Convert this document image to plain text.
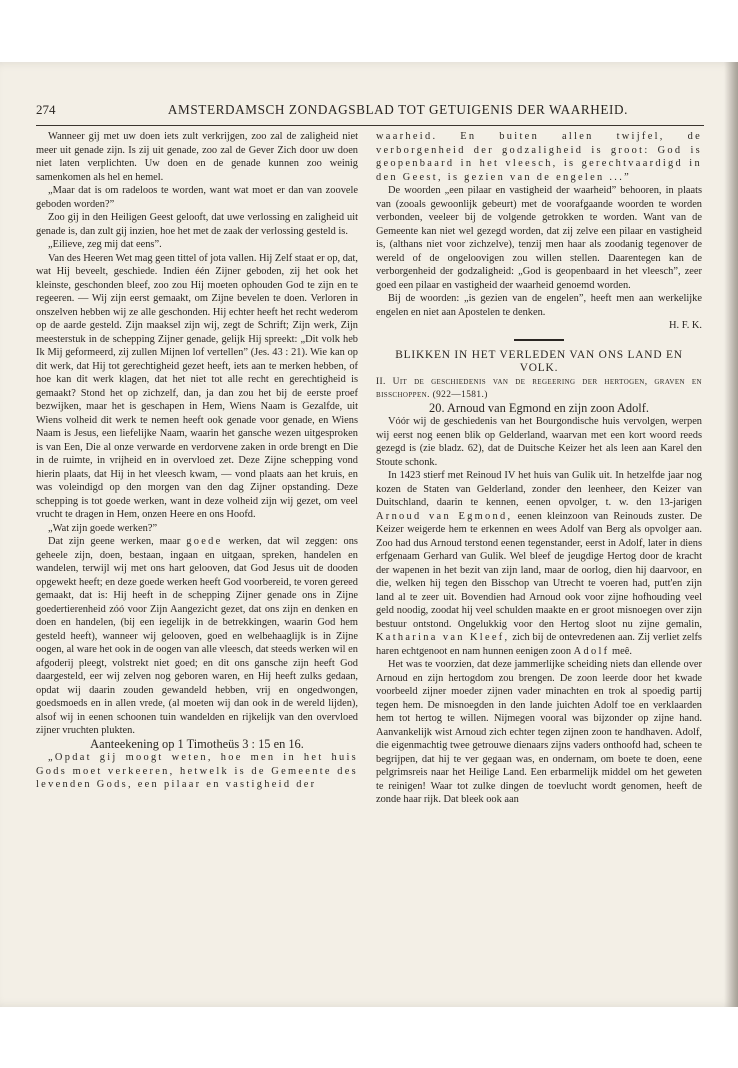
274	AMSTERDAMSCH ZONDAGSBLAD TOT GETUIGENIS DER WAARHEID.

Wanneer gij met uw doen iets zult verkrijgen, zoo zal de zaligheid niet meer uit genade zijn. Is zij uit genade, zoo zal de Gever Zich door uw doen niet laten verplichten. Uw doen en de genade kunnen zoo weinig samenkomen als hel en hemel.

„Maar dat is om radeloos te worden, want wat moet er dan van zoovele geboden worden?”

Zoo gij in den Heiligen Geest gelooft, dat uwe verlossing en zaligheid uit genade is, dan zult gij inzien, hoe het met de zaak der verlossing gesteld is.

„Eilieve, zeg mij dat eens”.

Van des Heeren Wet mag geen tittel of jota vallen. Hij Zelf staat er op, dat, wat Hij beveelt, geschiede. Indien één Zijner geboden, zij het ook het kleinste, geschonden bleef, zoo zou Hij moeten ophouden God te zijn en te regeeren. — Wij zijn eerst gemaakt, om Zijne bevelen te doen. Verloren in onszelven hebben wij ze alle geschonden. Hij echter heeft het recht wederom op de aarde gesteld. Zijn maaksel zijn wij, zegt de Schrift; Zijn werk, Zijn meesterstuk in de schepping Zijner genade, gelijk Hij spreekt: „Dit volk heb Ik Mij geformeerd, zij zullen Mijnen lof vertellen” (Jes. 43 : 21). Wie kan op dit werk, dat Hij tot gerechtigheid gezet heeft, iets aan te merken hebben, of hoe kan dit werk klagen, dat het niet tot alle recht en gerechtigheid is gemaakt? Stond het op zichzelf, dan, ja dan zou het bij de eerste proef bezwijken, maar het is geschapen in Hem, Wiens Naam is Gezalfde, uit Wiens volheid dit werk te nemen heeft ook genade voor genade, en Wiens Naam is Jesus, een liefelijke Naam, waarin het gansche wezen uitgesproken is van Een, Die al onze verwarde en verdorvene zaken in orde brengt en Die in de ruimte, in vrijheid en in overvloed zet. Deze Zijne schepping vond hierin plaats, dat Hij in het vleesch kwam, — vond plaats aan het kruis, en was voleindigd op den morgen van den dag Zijner opstanding. Deze schepping is tot goede werken, want in deze volheid zijn wij gezet, om veel vrucht te dragen in Hem, onzen Heere en ons Hoofd.

„Wat zijn goede werken?”

Dat zijn geene werken, maar goede werken, dat wil zeggen: ons geheele zijn, doen, bestaan, ingaan en uitgaan, spreken, handelen en wandelen, terwijl wij met ons hart gelooven, dat God Jesus uit de dooden opgewekt heeft; en deze goede werken heeft God voorbereid, te voren gereed gemaakt, dat is: Hij heeft in de schepping Zijner genade ons in Zijne goedertierenheid zóó voor Zijn Aangezicht gezet, dat ons zijn en denken en doen en handelen, (bij een iegelijk in de betrekkingen, waarin God hem gesteld heeft), wanneer wij gelooven, goed en welbehaaglijk is in Zijne oogen, al ware het ook in de oogen van alle vleesch, dat steeds werken wil en afgoderij pleegt, volstrekt niet goed; en dit ons gansche zijn heeft God daargesteld, eer wij zelven nog geboren waren, en Hij heeft zulks gedaan, opdat wij daarin zouden gewandeld hebben, vrij en ongedwongen, goedsmoeds en in allen vrede, (al moeten wij dan ook in de wereld lijden), alsof wij in eenen schoonen tuin wandelden en rijkelijk van den overvloed zijner vruchten plukten.

Aanteekening op 1 Timotheüs 3 : 15 en 16.

„Opdat gij moogt weten, hoe men in het huis Gods moet verkeeren, hetwelk is de Gemeente des levenden Gods, een pilaar en vastigheid der

waarheid. En buiten allen twijfel, de verborgenheid der godzaligheid is groot: God is geopenbaard in het vleesch, is gerechtvaardigd in den Geest, is gezien van de engelen ...”

De woorden „een pilaar en vastigheid der waarheid” behooren, in plaats van (zooals gewoonlijk gebeurt) met de voorafgaande woorden te worden verbonden, veeleer bij de volgende getrokken te worden. Want van de Gemeente kan niet wel gezegd worden, dat zij zelve een pilaar en vastigheid is, (althans niet voor zichzelve), tenzij men haar als zoodanig tegenover de wereld of de ongeloovigen zou willen stellen. Daarentegen kan de verborgenheid der godzaligheid: „God is geopenbaard in het vleesch”, zeer goed een pilaar en vastigheid der waarheid genoemd worden.

Bij de woorden: „is gezien van de engelen”, heeft men aan werkelijke engelen en niet aan Apostelen te denken.

H. F. K.

BLIKKEN IN HET VERLEDEN VAN ONS LAND EN VOLK.

II. Uit de geschiedenis van de regeering der hertogen, graven en bisschoppen. (922—1581.)

20. Arnoud van Egmond en zijn zoon Adolf.

Vóór wij de geschiedenis van het Bourgondische huis vervolgen, werpen wij eerst nog eenen blik op Gelderland, waarvan met een kort woord reeds gezegd is (zie bladz. 62), dat de Duitsche Keizer het als leen aan Karel den Stoute schonk.

In 1423 stierf met Reinoud IV het huis van Gulik uit. In hetzelfde jaar nog kozen de Staten van Gelderland, zonder den leenheer, den Keizer van Duitschland, daarin te kennen, eenen opvolger, t. w. den 13-jarigen Arnoud van Egmond, eenen kleinzoon van Reinouds zuster. De Keizer weigerde hem te erkennen en wees Adolf van Berg als opvolger aan. Zoo had dus Arnoud terstond eenen tegenstander, eerst in Adolf, later in diens erfgenaam Gerhard van Gulik. Wel bleef de jeugdige Hertog door de kracht der wapenen in het bezit van zijn land, maar de oorlog, dien hij daarvoor, en die, welken hij tegen den Bisschop van Utrecht te voeren had, putt'en zijn land al te zeer uit. Bovendien had Arnoud ook voor zijne hofhouding veel geld noodig, zoodat hij veel schulden maakte en er groot misnoegen over zijn bestuur ontstond. Ongelukkig voor den Hertog sloot nu zijne gemalin, Katharina van Kleef, zich bij de ontevredenen aan. Zij verliet zelfs haren echtgenoot en nam hunnen eenigen zoon Adolf meê.

Het was te voorzien, dat deze jammerlijke scheiding niets dan ellende over Arnoud en zijn hertogdom zou brengen. De zoon leerde door het kwade voorbeeld zijner moeder zijnen vader minachten en trok al spoedig partij tegen hem. De misnoegden in den lande juichten Adolf toe en verklaarden hem tot hertog te willen. Nijmegen vooral was bijzonder op zijne hand. Aanvankelijk wist Arnoud zich echter tegen zijnen zoon te handhaven. Adolf, die eigenmachtig twee getrouwe dienaars zijns vaders onthoofd had, scheen te begrijpen, dat hij te ver gegaan was, en ondernam, om boete te doen, eene pelgrimsreis naar het Heilige Land. Een erbarmelijk middel om het geweten te reinigen! Waar tot zulke dingen de toevlucht wordt genomen, heeft de zonde haar rijk. Dat bleek ook aan
